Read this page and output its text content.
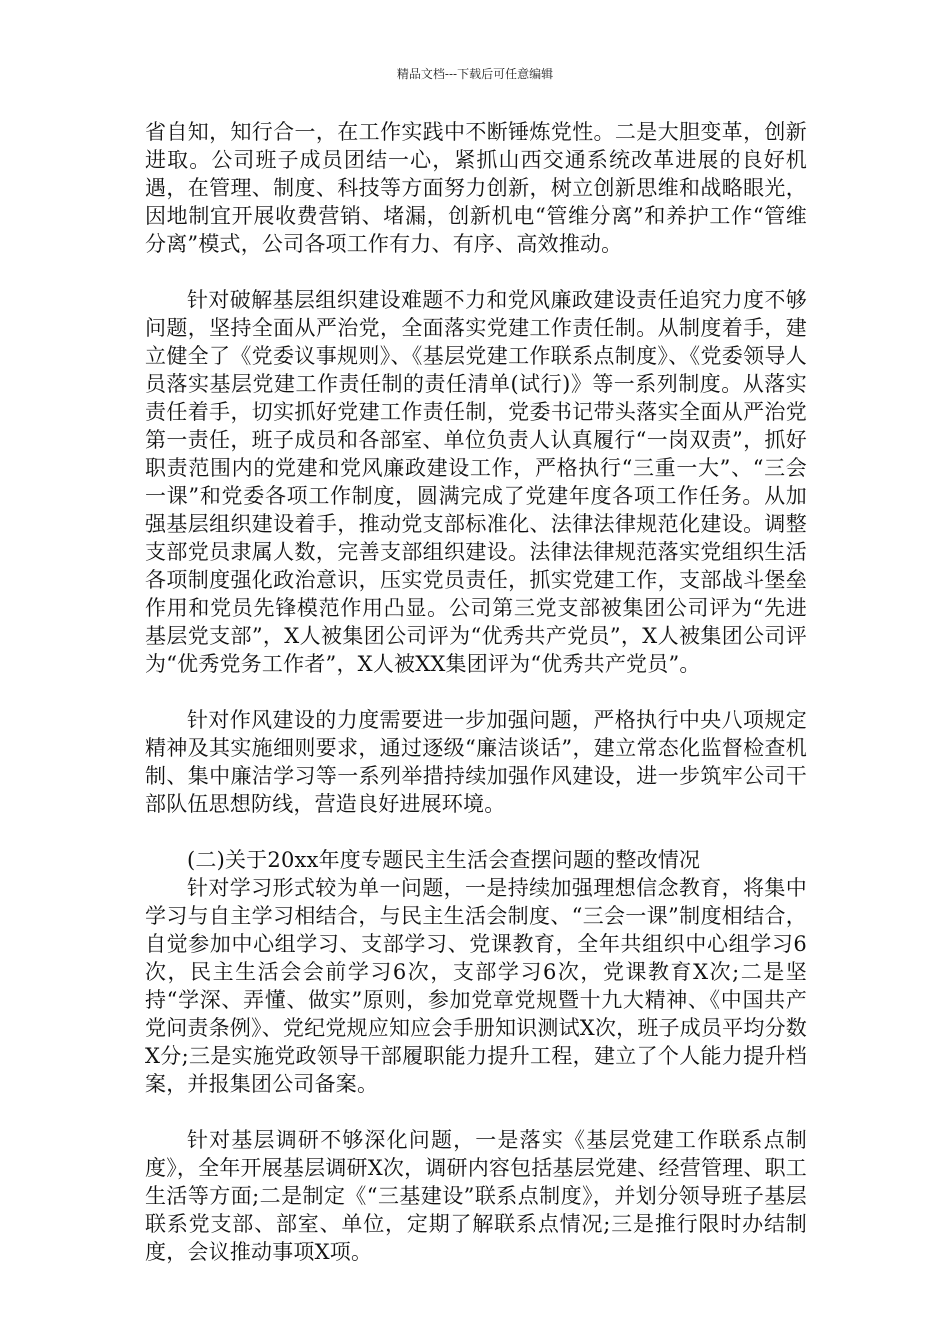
精品文档---下载后可任意编辑

省自知，知行合一，在工作实践中不断锤炼党性。二是大胆变革，创新进取。公司班子成员团结一心，紧抓山西交通系统改革进展的良好机遇，在管理、制度、科技等方面努力创新，树立创新思维和战略眼光，因地制宜开展收费营销、堵漏，创新机电“管维分离”和养护工作“管维分离”模式，公司各项工作有力、有序、高效推动。

针对破解基层组织建设难题不力和党风廉政建设责任追究力度不够问题，坚持全面从严治党，全面落实党建工作责任制。从制度着手，建立健全了《党委议事规则》、《基层党建工作联系点制度》、《党委领导人员落实基层党建工作责任制的责任清单(试行)》等一系列制度。从落实责任着手，切实抓好党建工作责任制，党委书记带头落实全面从严治党第一责任，班子成员和各部室、单位负责人认真履行“一岗双责”，抓好职责范围内的党建和党风廉政建设工作，严格执行“三重一大”、“三会一课”和党委各项工作制度，圆满完成了党建年度各项工作任务。从加强基层组织建设着手，推动党支部标准化、法律法律规范化建设。调整支部党员隶属人数，完善支部组织建设。法律法律规范落实党组织生活各项制度强化政治意识，压实党员责任，抓实党建工作，支部战斗堡垒作用和党员先锋模范作用凸显。公司第三党支部被集团公司评为“先进基层党支部”，X人被集团公司评为“优秀共产党员”，X人被集团公司评为“优秀党务工作者”，X人被XX集团评为“优秀共产党员”。

针对作风建设的力度需要进一步加强问题，严格执行中央八项规定精神及其实施细则要求，通过逐级“廉洁谈话”，建立常态化监督检查机制、集中廉洁学习等一系列举措持续加强作风建设，进一步筑牢公司干部队伍思想防线，营造良好进展环境。

(二)关于20xx年度专题民主生活会查摆问题的整改情况

针对学习形式较为单一问题，一是持续加强理想信念教育，将集中学习与自主学习相结合，与民主生活会制度、“三会一课”制度相结合，自觉参加中心组学习、支部学习、党课教育，全年共组织中心组学习6次，民主生活会会前学习6次，支部学习6次，党课教育X次;二是坚持“学深、弄懂、做实”原则，参加党章党规暨十九大精神、《中国共产党问责条例》、党纪党规应知应会手册知识测试X次，班子成员平均分数X分;三是实施党政领导干部履职能力提升工程，建立了个人能力提升档案，并报集团公司备案。

针对基层调研不够深化问题，一是落实《基层党建工作联系点制度》，全年开展基层调研X次，调研内容包括基层党建、经营管理、职工生活等方面;二是制定《“三基建设”联系点制度》，并划分领导班子基层联系党支部、部室、单位，定期了解联系点情况;三是推行限时办结制度，会议推动事项X项。
